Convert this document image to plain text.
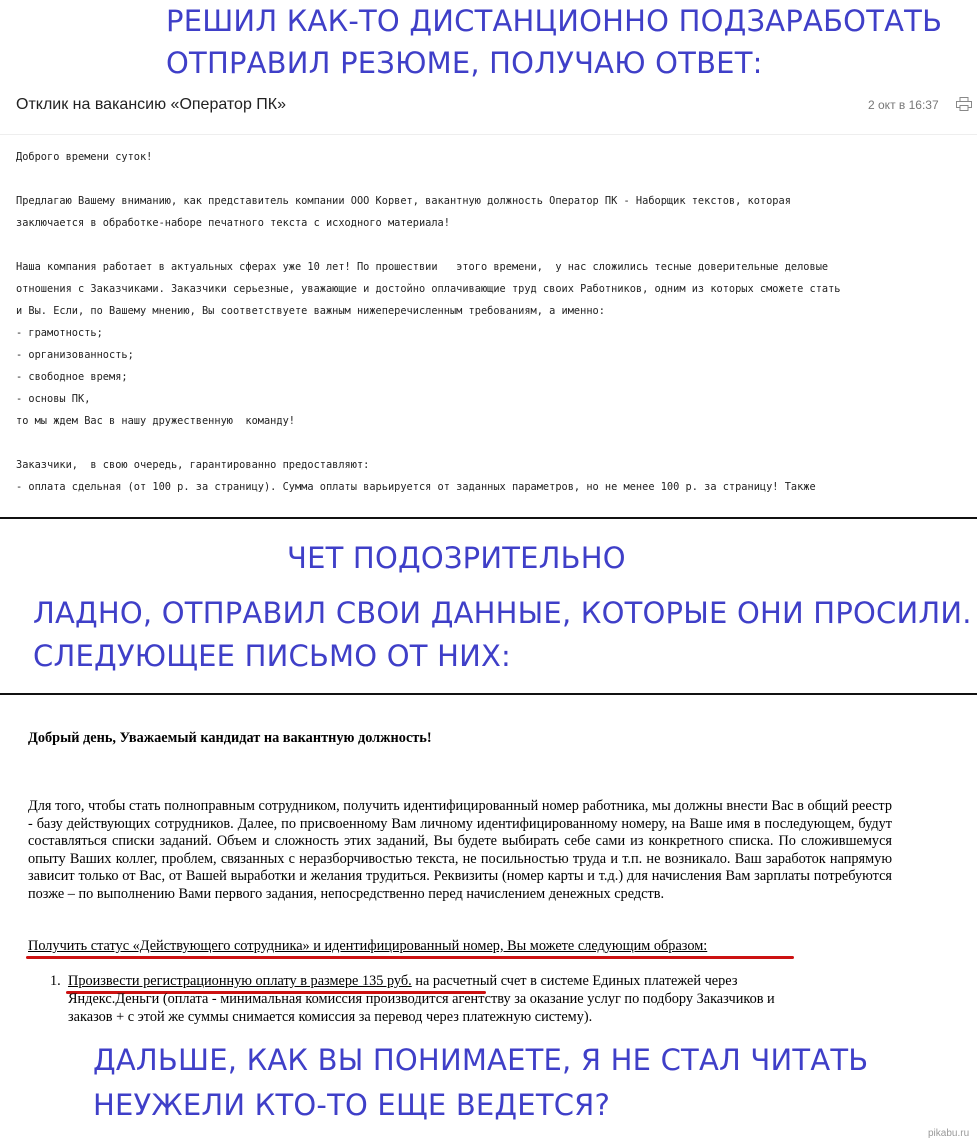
РЕШИЛ КАК-ТО ДИСТАНЦИОННО ПОДЗАРАБОТАТЬ
ОТПРАВИЛ РЕЗЮМЕ, ПОЛУЧАЮ ОТВЕТ:
Отклик на вакансию «Оператор ПК»	2 окт в 16:37
Доброго времени суток!
Предлагаю Вашему вниманию, как представитель компании ООО Корвет, вакантную должность Оператор ПК - Наборщик текстов, которая
заключается в обработке-наборе печатного текста с исходного материала!
Наша компания работает в актуальных сферах уже 10 лет! По прошествии   этого времени,  у нас сложились тесные доверительные деловые
отношения с Заказчиками. Заказчики серьезные, уважающие и достойно оплачивающие труд своих Работников, одним из которых сможете стать
и Вы. Если, по Вашему мнению, Вы соответствуете важным нижеперечисленным требованиям, а именно:
- грамотность;
- организованность;
- свободное время;
- основы ПК,
то мы ждем Вас в нашу дружественную  команду!
Заказчики,  в свою очередь, гарантированно предоставляют:
- оплата сдельная (от 100 р. за страницу). Сумма оплаты варьируется от заданных параметров, но не менее 100 р. за страницу! Также
ЧЕТ ПОДОЗРИТЕЛЬНО
ЛАДНО, ОТПРАВИЛ СВОИ ДАННЫЕ, КОТОРЫЕ ОНИ ПРОСИЛИ.
СЛЕДУЮЩЕЕ ПИСЬМО ОТ НИХ:
Добрый день, Уважаемый кандидат на вакантную должность!

Для того, чтобы стать полноправным сотрудником, получить идентифицированный номер работника, мы должны внести Вас в общий реестр - базу действующих сотрудников. Далее, по присвоенному Вам личному идентифицированному номеру, на Ваше имя в последующем, будут составляться списки заданий. Объем и сложность этих заданий, Вы будете выбирать себе сами из конкретного списка. По сложившемуся опыту Ваших коллег, проблем, связанных с неразборчивостью текста, не посильностью труда и т.п. не возникало. Ваш заработок напрямую зависит только от Вас, от Вашей выработки и желания трудиться. Реквизиты (номер карты и т.д.) для начисления Вам зарплаты потребуются позже – по выполнению Вами первого задания, непосредственно перед начислением денежных средств.

Получить статус «Действующего сотрудника» и идентифицированный номер, Вы можете следующим образом:
1. Произвести регистрационную оплату в размере 135 руб. на расчетный счет в системе Единых платежей через
Яндекс.Деньги (оплата - минимальная комиссия производится агентству за оказание услуг по подбору Заказчиков и
заказов + с этой же суммы снимается комиссия за перевод через платежную систему).
ДАЛЬШЕ, КАК ВЫ ПОНИМАЕТЕ, Я НЕ СТАЛ ЧИТАТЬ
НЕУЖЕЛИ КТО-ТО ЕЩЕ ВЕДЕТСЯ?
pikabu.ru
